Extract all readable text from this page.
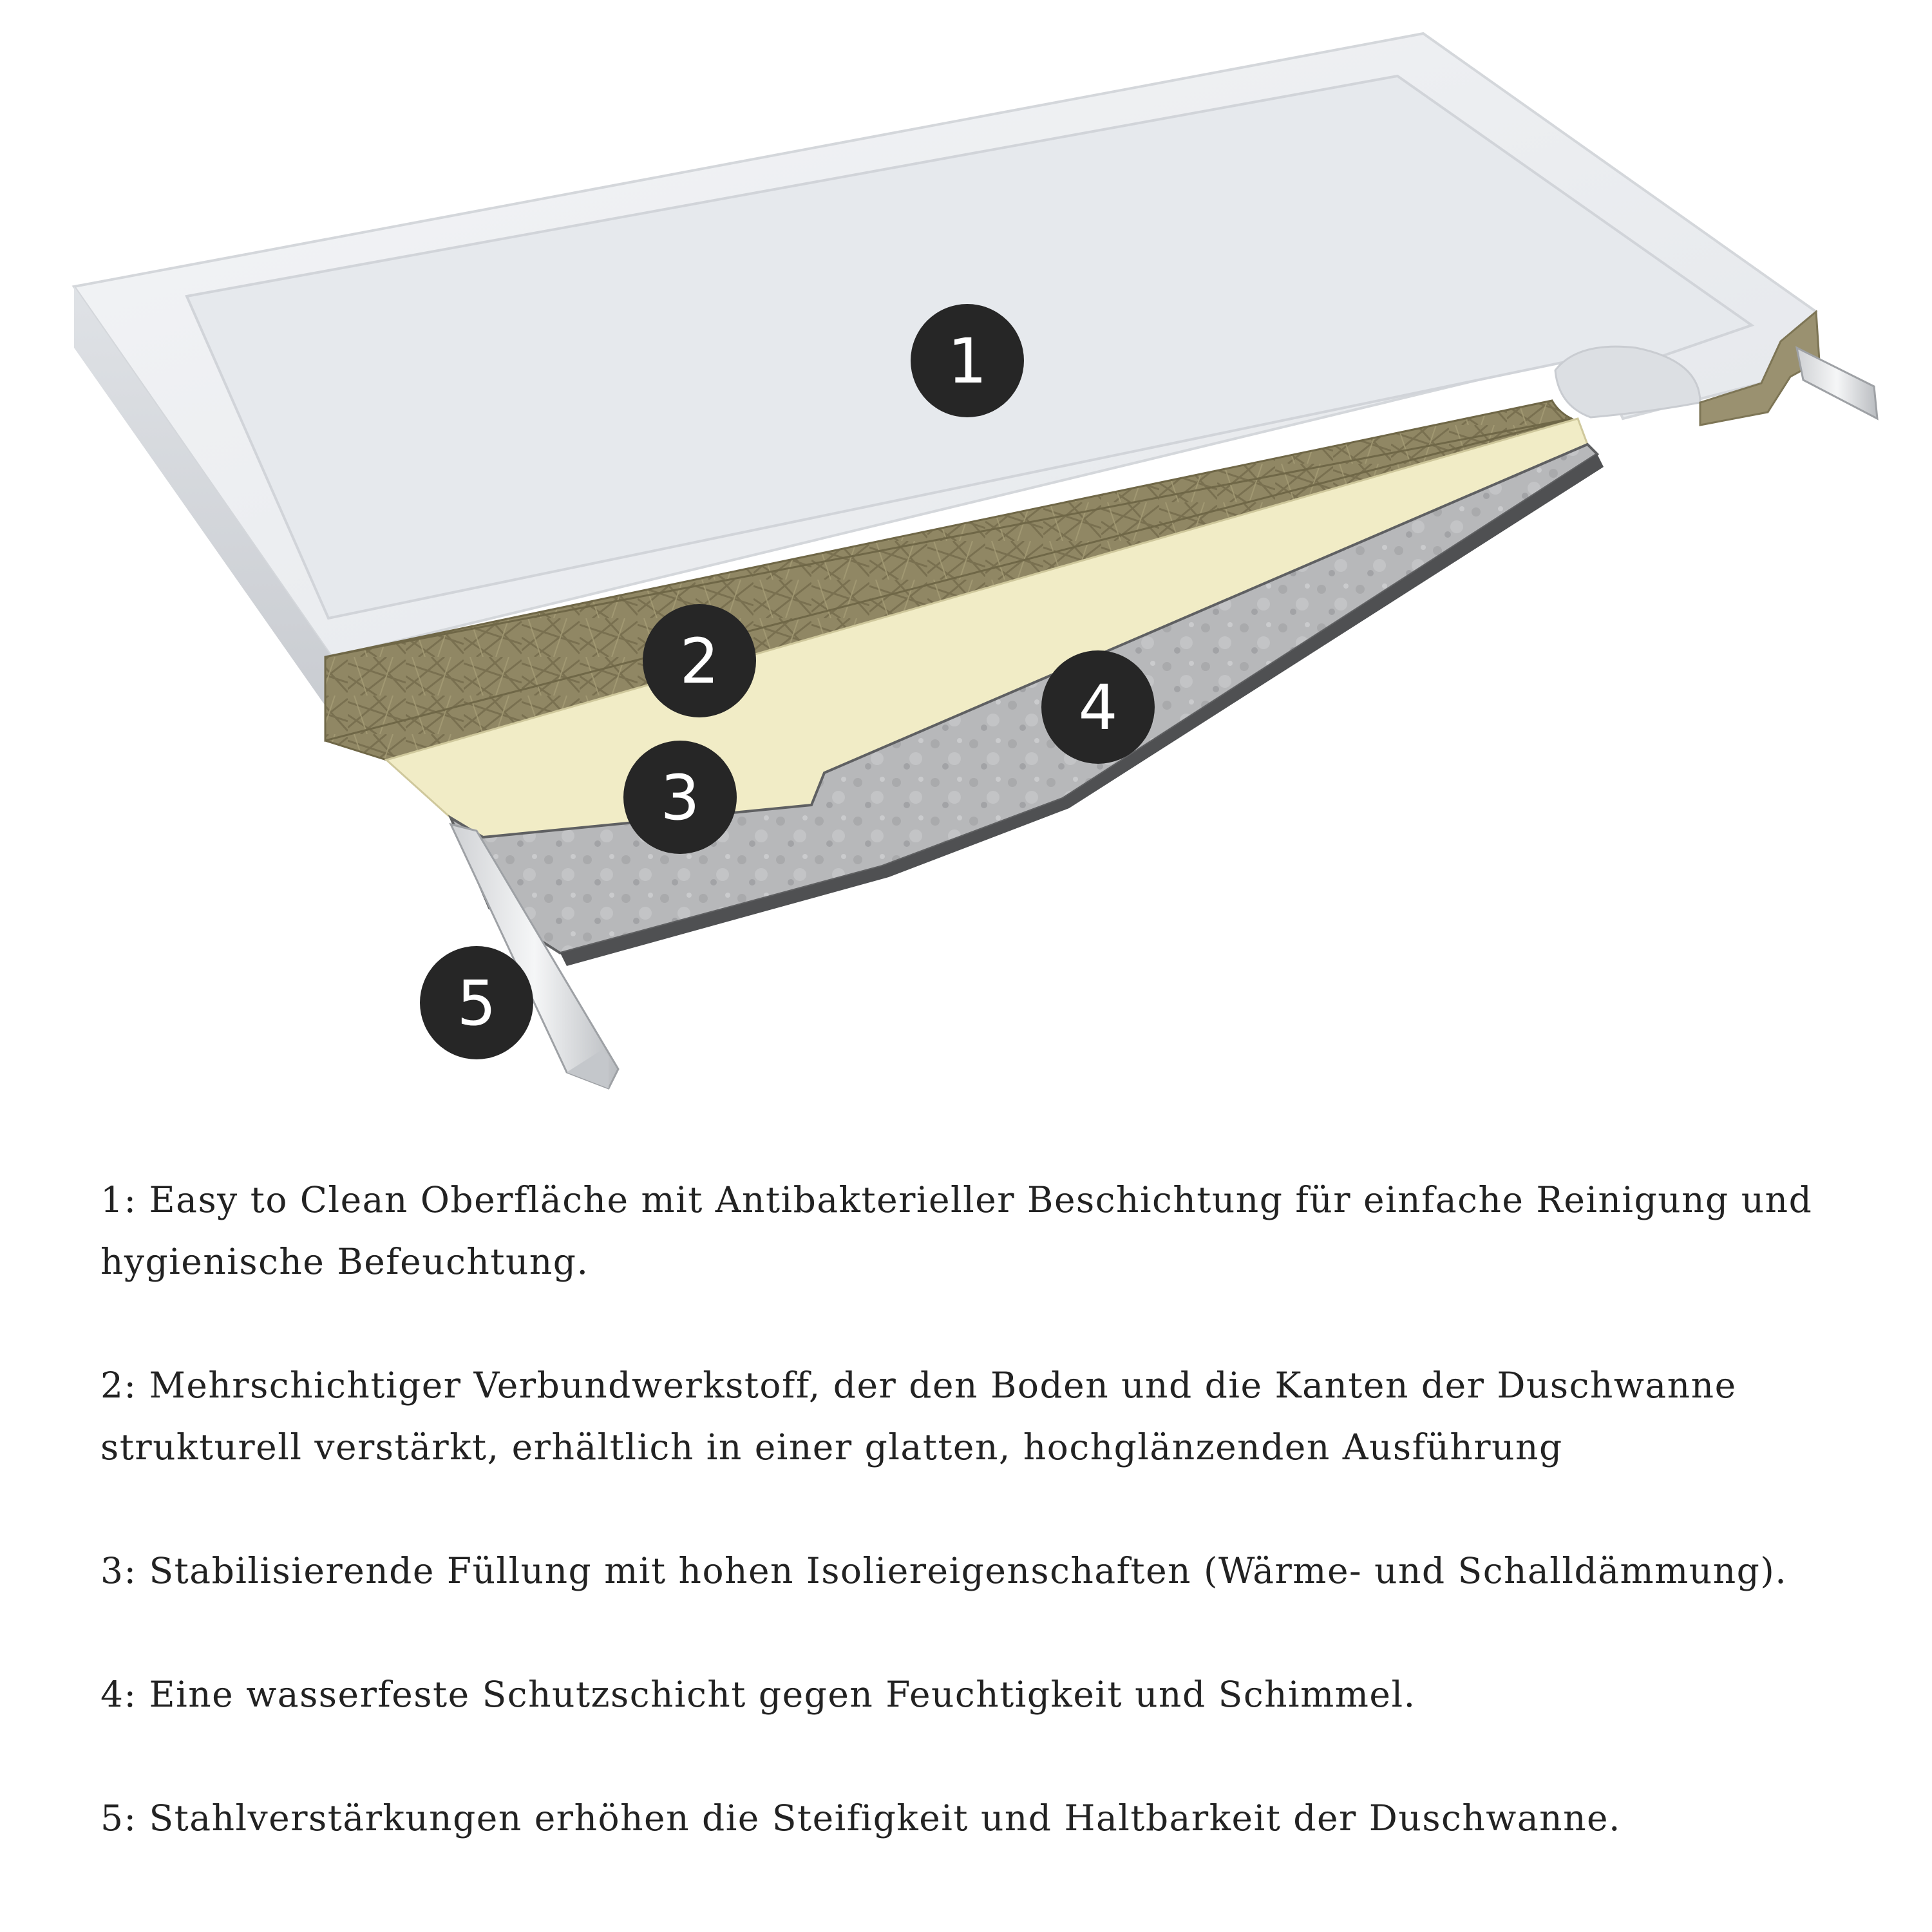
1
2
3
4
5

1: Easy to Clean Oberfläche mit Antibakterieller Beschichtung für einfache Reinigung und hygienische Befeuchtung.

2: Mehrschichtiger Verbundwerkstoff, der den Boden und die Kanten der Duschwanne strukturell verstärkt, erhältlich in einer glatten, hochglänzenden Ausführung

3: Stabilisierende Füllung mit hohen Isoliereigenschaften (Wärme- und Schalldämmung).

4: Eine wasserfeste Schutzschicht gegen Feuchtigkeit und Schimmel.

5: Stahlverstärkungen erhöhen die Steifigkeit und Haltbarkeit der Duschwanne.
